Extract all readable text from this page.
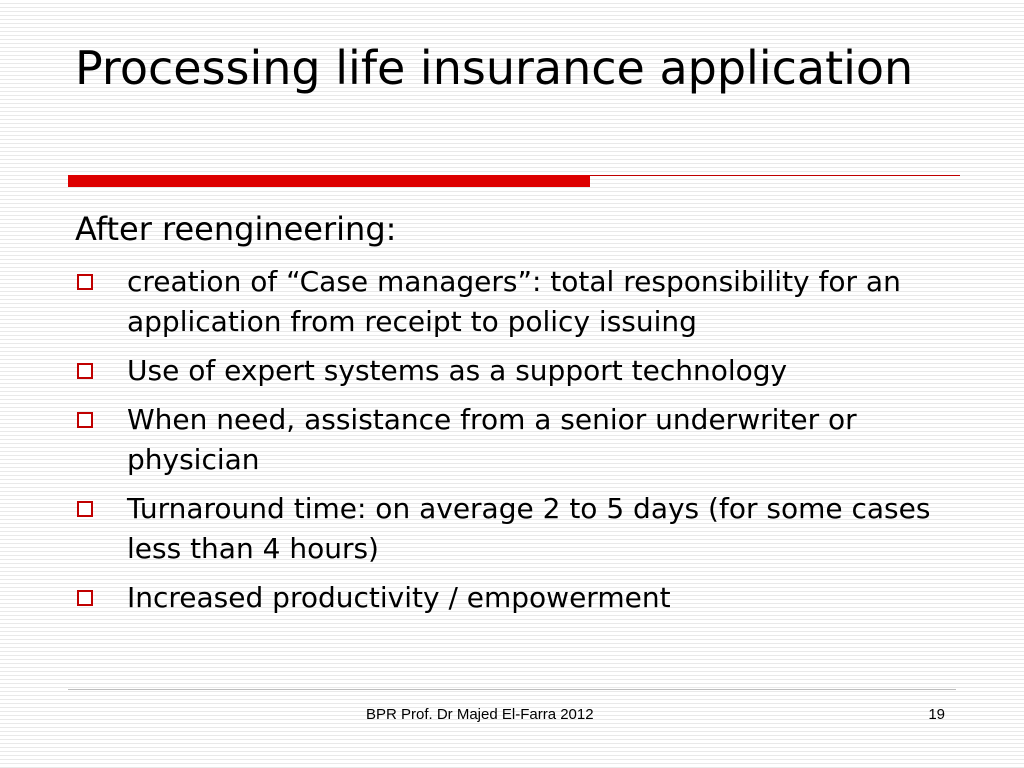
Processing life insurance application

After reengineering:

creation of “Case managers”: total responsibility for an application from receipt to policy issuing
Use of expert systems as a support technology
When need, assistance from a senior underwriter or physician
Turnaround time: on average 2 to 5 days (for some cases less than 4 hours)
Increased productivity / empowerment
BPR Prof. Dr Majed El-Farra 2012	19
